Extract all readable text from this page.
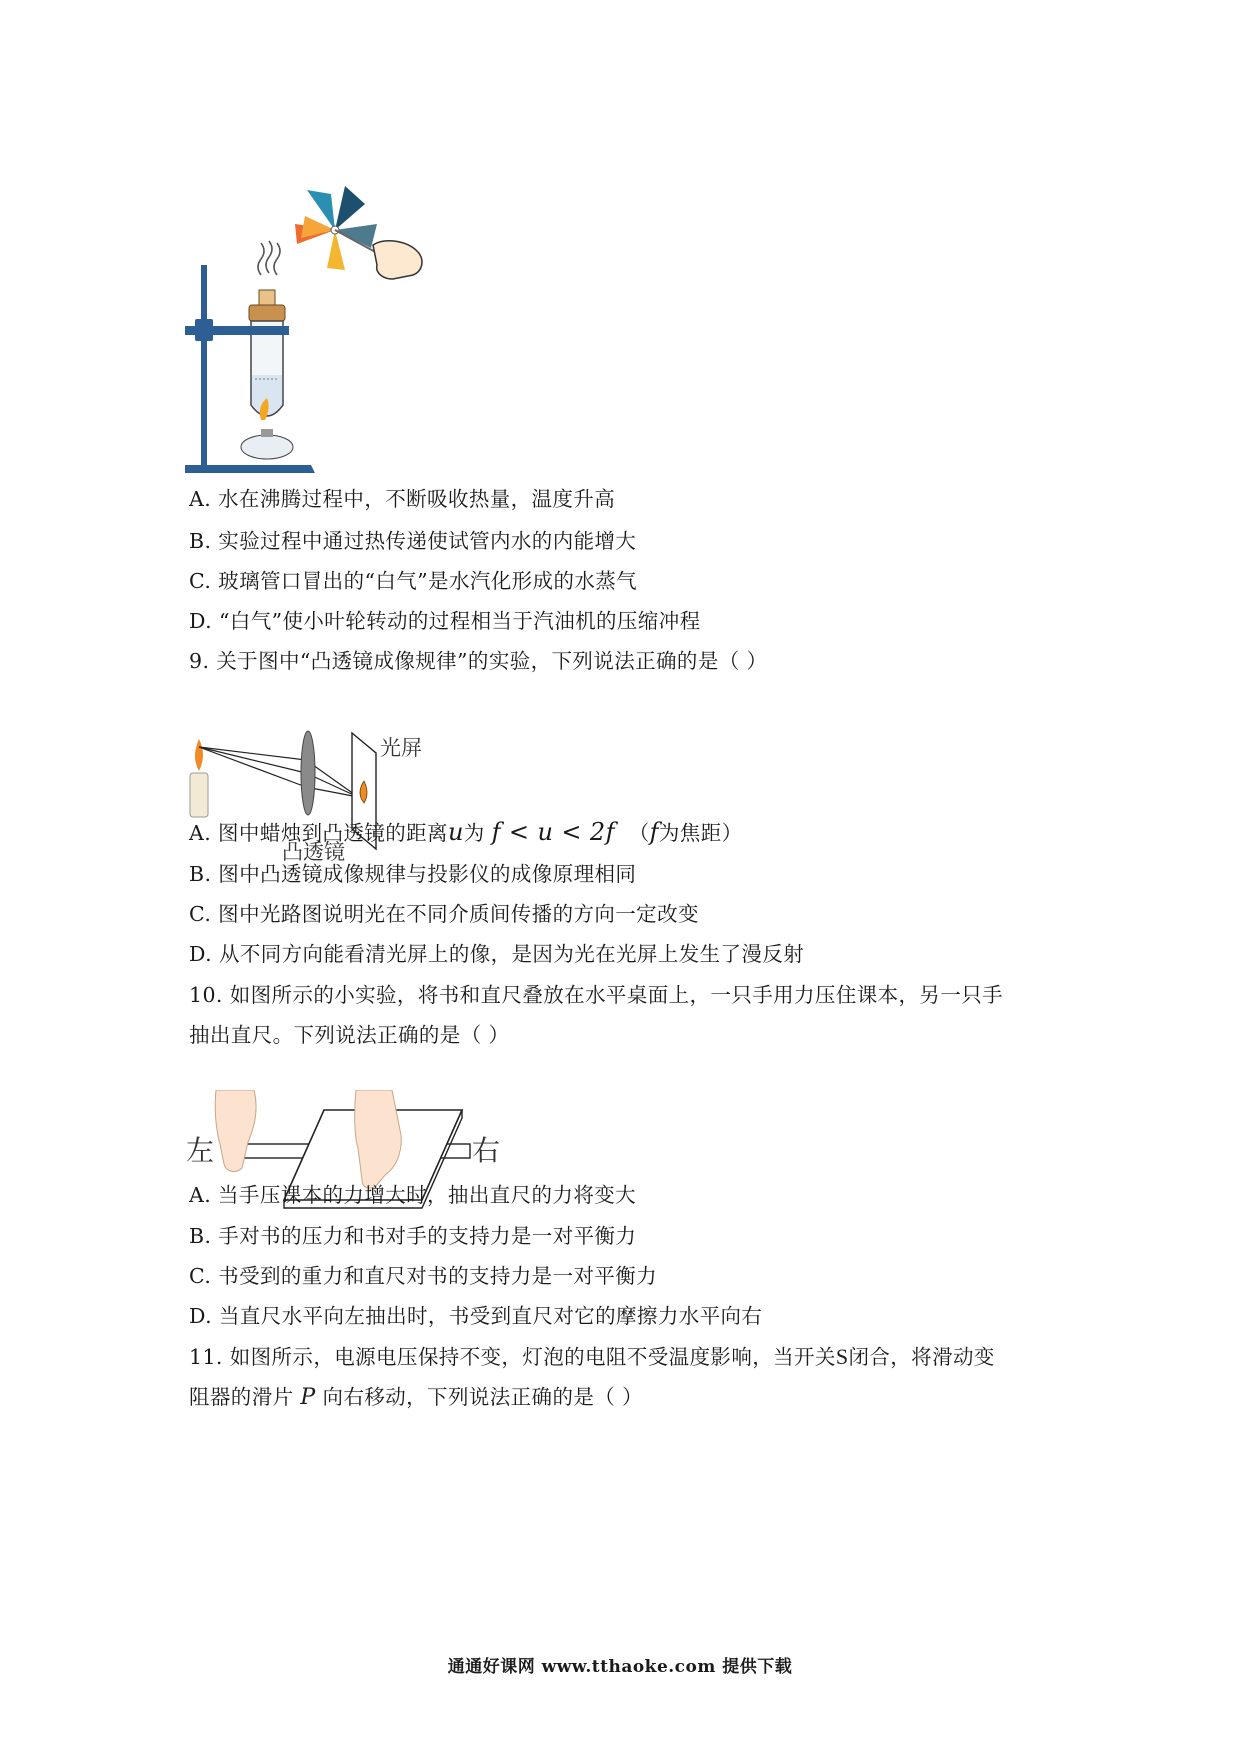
A. 水在沸腾过程中，不断吸收热量，温度升高
B. 实验过程中通过热传递使试管内水的内能增大
C. 玻璃管口冒出的“白气”是水汽化形成的水蒸气
D. “白气”使小叶轮转动的过程相当于汽油机的压缩冲程
9. 关于图中“凸透镜成像规律”的实验，下列说法正确的是（ ）
光屏
凸透镜
A. 图中蜡烛到凸透镜的距离u为 f < u < 2f （f为焦距）
B. 图中凸透镜成像规律与投影仪的成像原理相同
C. 图中光路图说明光在不同介质间传播的方向一定改变
D. 从不同方向能看清光屏上的像，是因为光在光屏上发生了漫反射
10. 如图所示的小实验，将书和直尺叠放在水平桌面上，一只手用力压住课本，另一只手
抽出直尺。下列说法正确的是（ ）
左	右
A. 当手压课本的力增大时，抽出直尺的力将变大
B. 手对书的压力和书对手的支持力是一对平衡力
C. 书受到的重力和直尺对书的支持力是一对平衡力
D. 当直尺水平向左抽出时，书受到直尺对它的摩擦力水平向右
11. 如图所示，电源电压保持不变，灯泡的电阻不受温度影响，当开关S闭合，将滑动变
阻器的滑片 P 向右移动，下列说法正确的是（ ）
通通好课网 www.tthaoke.com 提供下载
